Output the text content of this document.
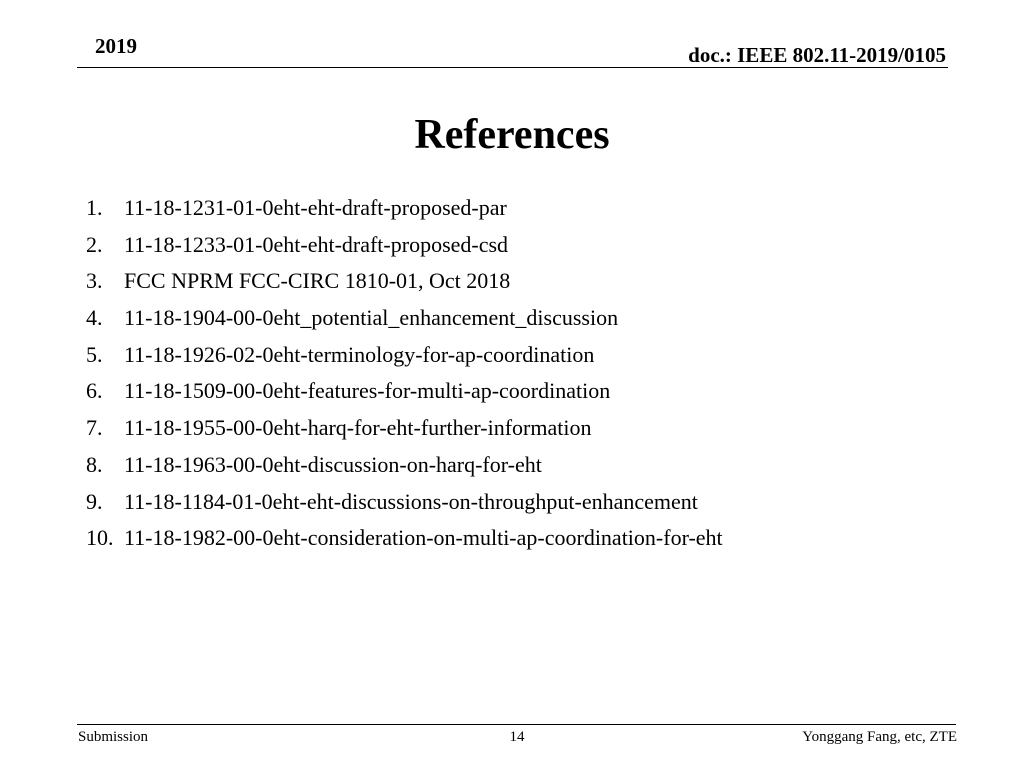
2019	doc.: IEEE 802.11-2019/0105
References
1. 11-18-1231-01-0eht-eht-draft-proposed-par
2. 11-18-1233-01-0eht-eht-draft-proposed-csd
3. FCC NPRM FCC-CIRC 1810-01, Oct 2018
4. 11-18-1904-00-0eht_potential_enhancement_discussion
5. 11-18-1926-02-0eht-terminology-for-ap-coordination
6. 11-18-1509-00-0eht-features-for-multi-ap-coordination
7. 11-18-1955-00-0eht-harq-for-eht-further-information
8. 11-18-1963-00-0eht-discussion-on-harq-for-eht
9. 11-18-1184-01-0eht-eht-discussions-on-throughput-enhancement
10. 11-18-1982-00-0eht-consideration-on-multi-ap-coordination-for-eht
Submission	14	Yonggang Fang, etc, ZTE
